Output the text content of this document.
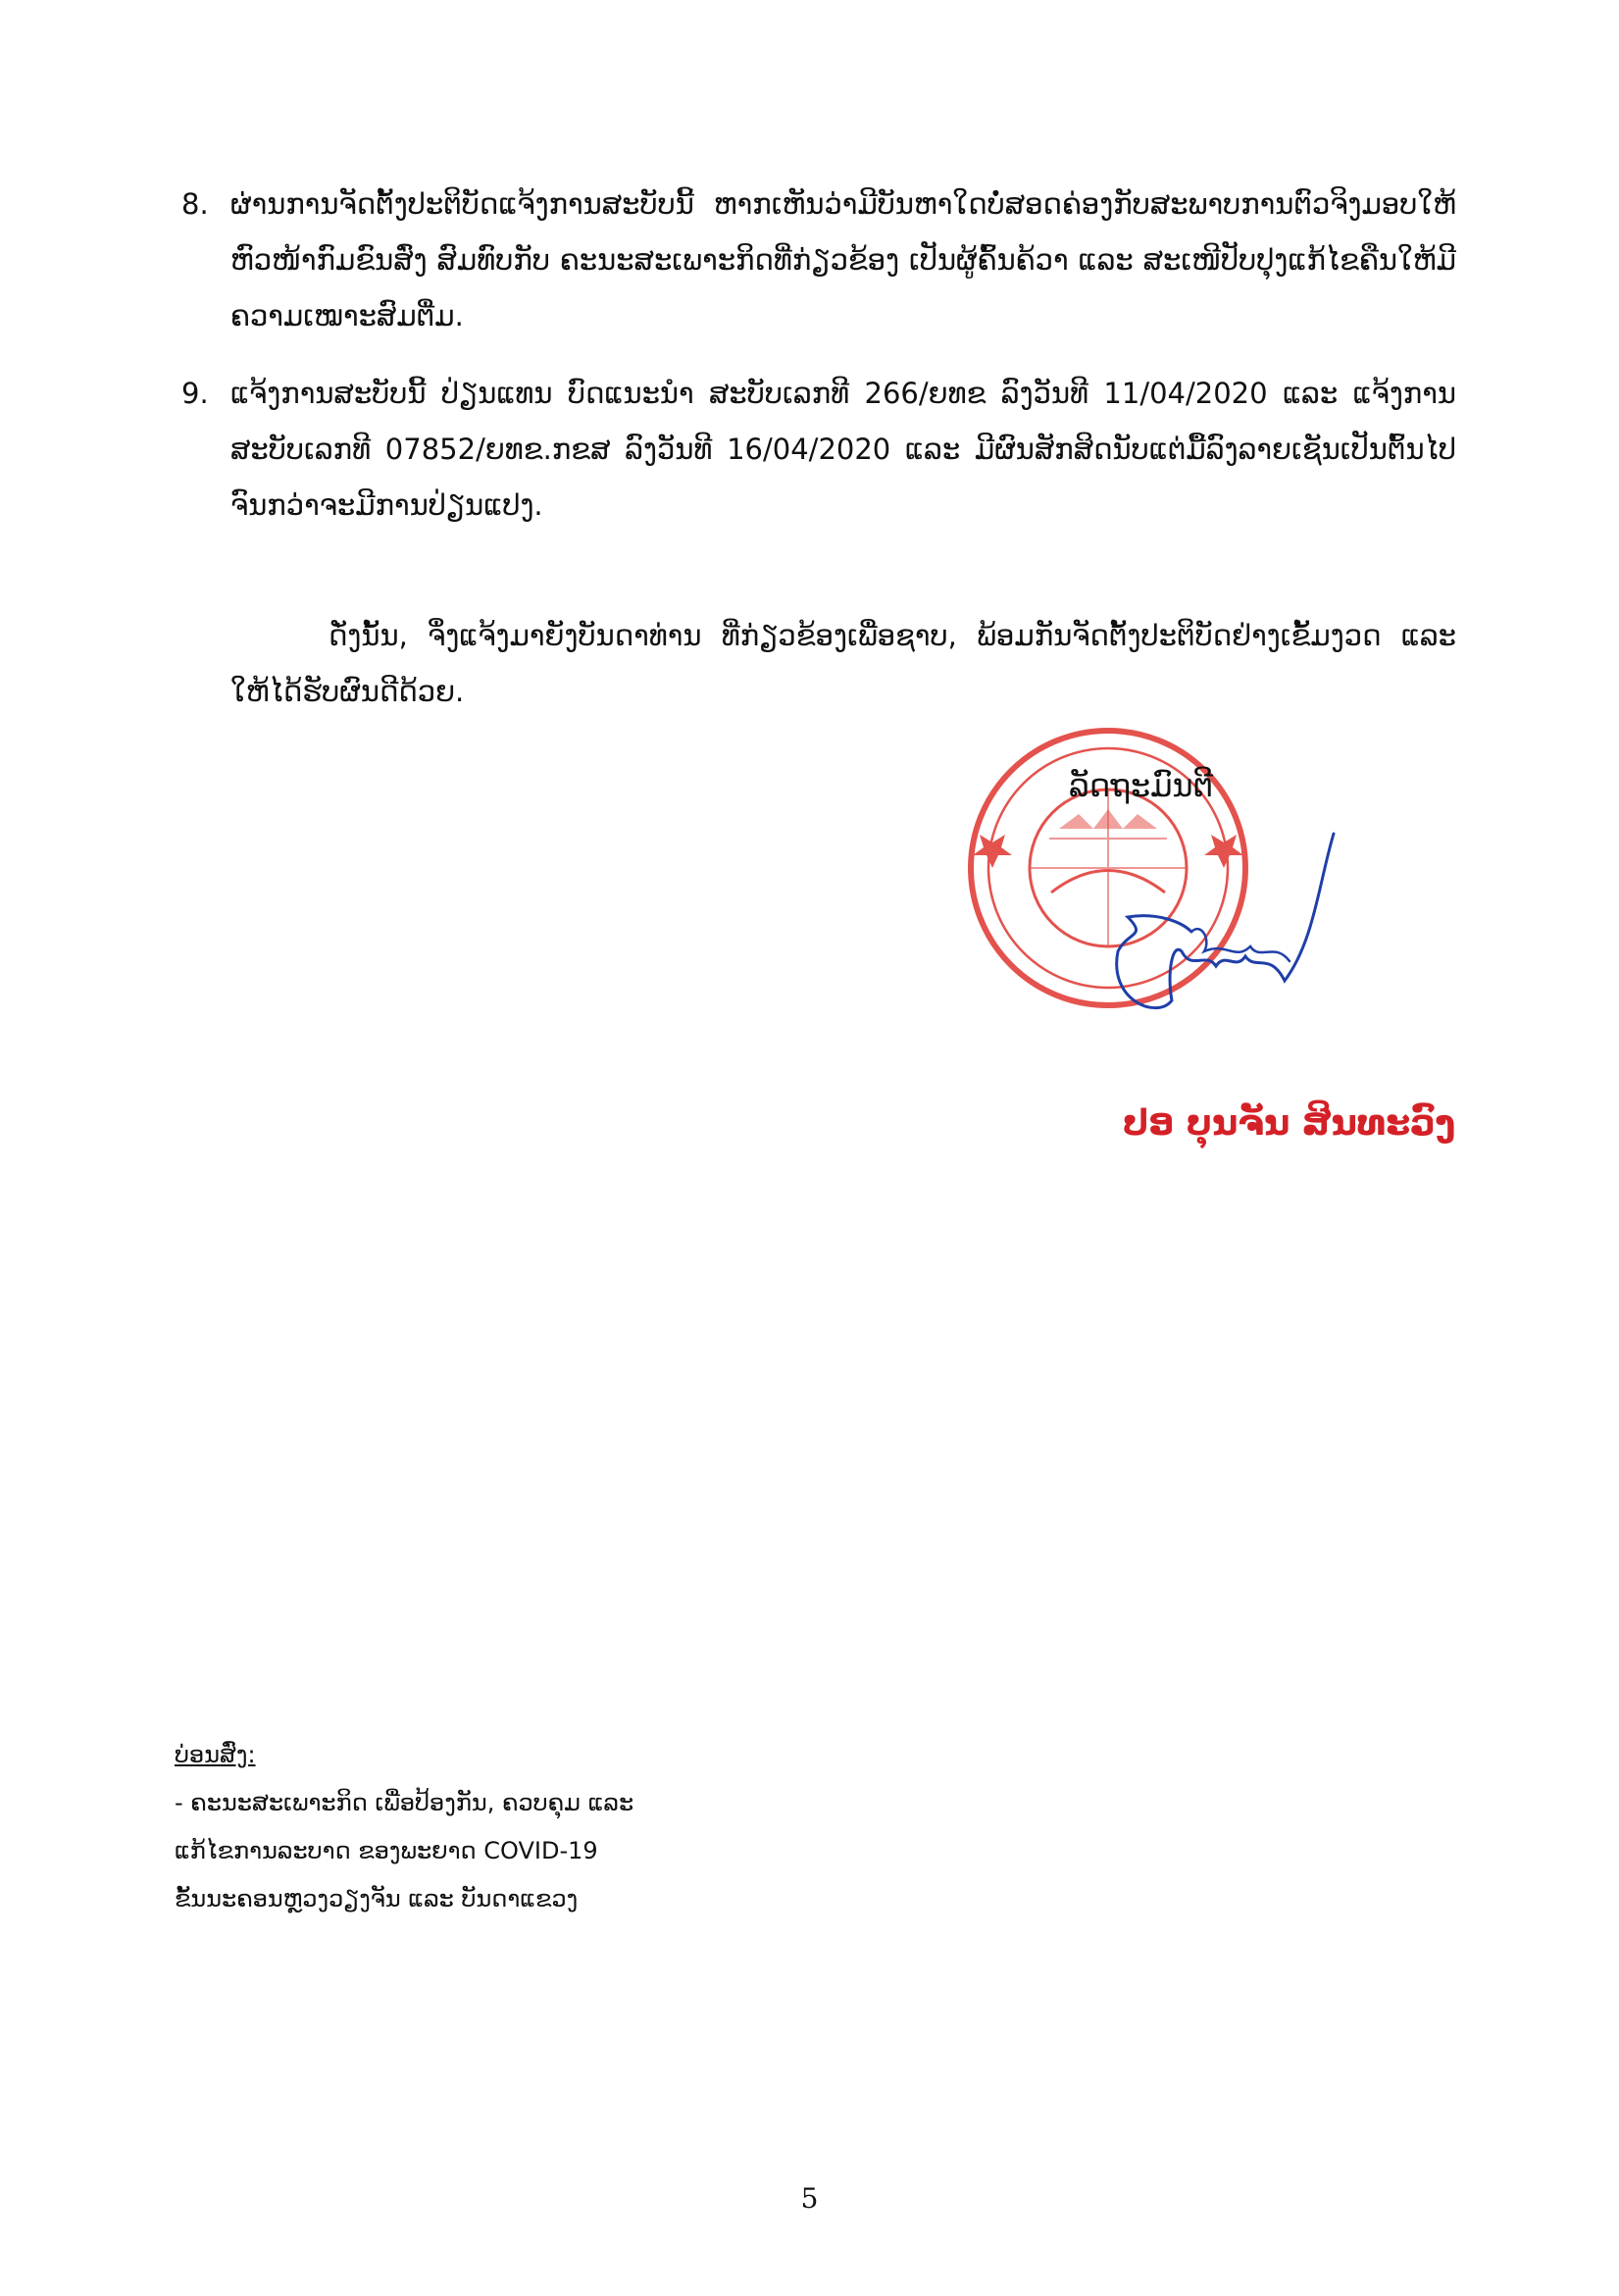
8. ຜ່ານການຈັດຕັ້ງປະຕິບັດແຈ້ງການສະບັບນີ້ ຫາກເຫັນວ່າມີບັນຫາໃດບໍ່ສອດຄ່ອງກັບສະພາບການຕົວຈິງມອບໃຫ້ຫົວໜ້າກົມຂົນສົ່ງ ສົມທົບກັບ ຄະນະສະເພາະກິດທີ່ກ່ຽວຂ້ອງ ເປັນຜູ້ຄົ້ນຄ້ວາ ແລະ ສະເໜີປັບປຸງແກ້ໄຂຄືນໃຫ້ມີຄວາມເໝາະສົມຕື່ມ.
9. ແຈ້ງການສະບັບນີ້ ປ່ຽນແທນ ບົດແນະນຳ ສະບັບເລກທີ 266/ຍທຂ ລົງວັນທີ 11/04/2020 ແລະ ແຈ້ງການ ສະບັບເລກທີ 07852/ຍທຂ.ກຂສ ລົງວັນທີ 16/04/2020 ແລະ ມີຜົນສັກສິດນັບແຕ່ມື້ລົງລາຍເຊັນເປັນຕົ້ນໄປຈົນກວ່າຈະມີການປ່ຽນແປງ.
ດັ່ງນັ້ນ, ຈຶ່ງແຈ້ງມາຍັງບັນດາທ່ານ ທີ່ກ່ຽວຂ້ອງເພື່ອຊາບ, ພ້ອມກັນຈັດຕັ້ງປະຕິບັດຢ່າງເຂັ້ມງວດ ແລະ ໃຫ້ໄດ້ຮັບຜົນດີດ້ວຍ.
ລັດຖະມົນຕີ
ປອ ບຸນຈັນ ສິນທະວົງ
ບ່ອນສົ່ງ:
- ຄະນະສະເພາະກິດ ເພື່ອປ້ອງກັນ, ຄວບຄຸມ ແລະ
ແກ້ໄຂການລະບາດ ຂອງພະຍາດ COVID-19
ຂັ້ນນະຄອນຫຼວງວຽງຈັນ ແລະ ບັນດາແຂວງ
5
